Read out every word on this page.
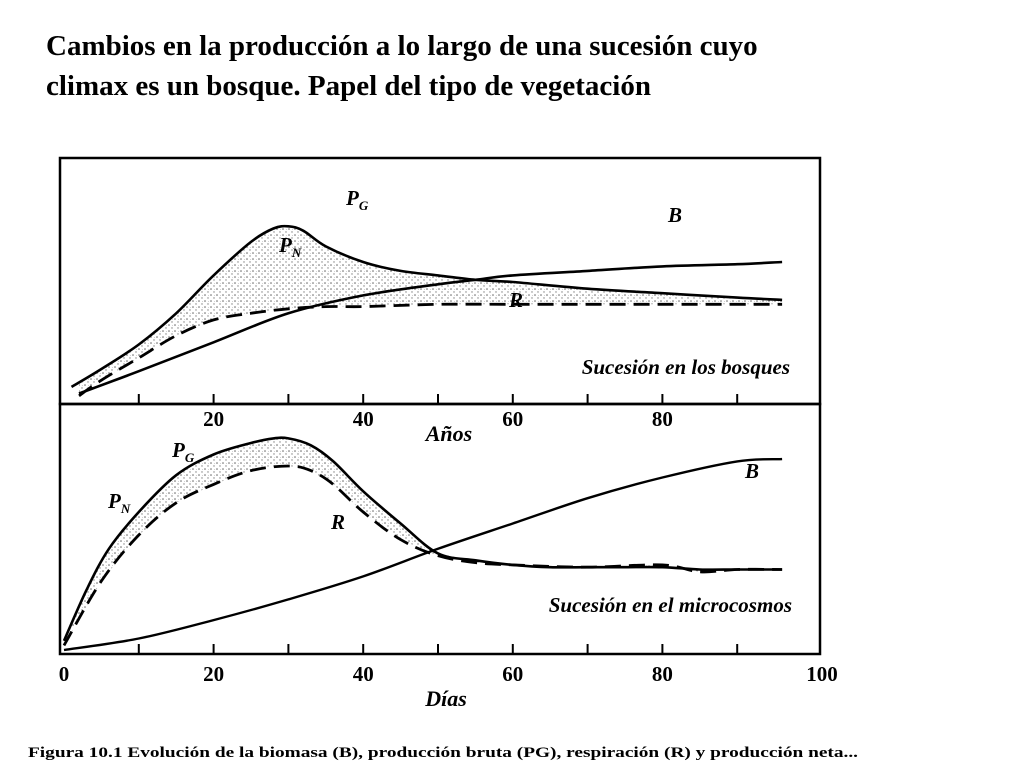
Cambios en la producción a lo largo de una sucesión cuyo
climax es un bosque. Papel del tipo de vegetación
20	40	60	80
$P_G$
$P_N$
B
R
Sucesión en los bosques
Años
0	20	40	60	80	100
$P_G$
$P_N$
R
B
Sucesión en el microcosmos
Días
Figura 10.1 Evolución de la biomasa (B), producción bruta (PG), respiración (R) y producción neta...
